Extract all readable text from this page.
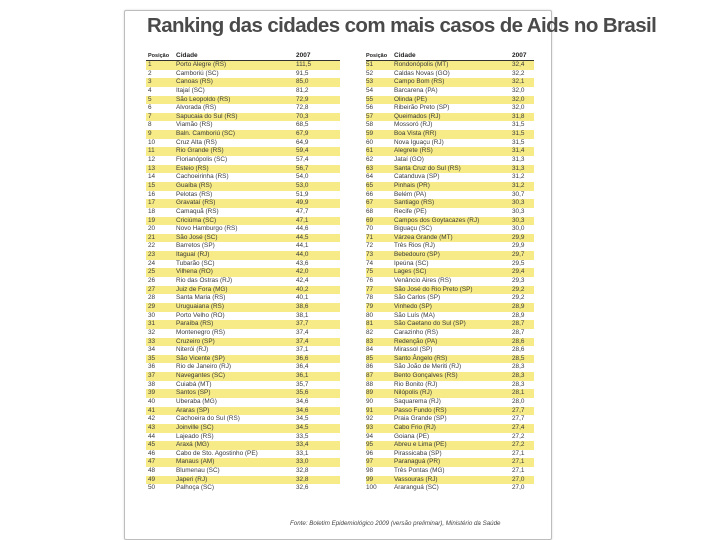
Ranking das cidades com mais casos de Aids no Brasil
Posição Cidade	2007
1	Porto Alegre (RS)	111,5
2	Camboriú (SC)	91,5
3	Canoas (RS)	85,0
4	Itajaí (SC)	81,2
5	São Leopoldo (RS)	72,9
6	Alvorada (RS)	72,8
7	Sapucaia do Sul (RS)	70,3
8	Viamão (RS)	68,5
9	Baln. Camboriú (SC)	67,9
10	Cruz Alta (RS)	64,9
11	Rio Grande (RS)	59,4
12	Florianópolis (SC)	57,4
13	Esteio (RS)	56,7
14	Cachoeirinha (RS)	54,0
15	Guaíba (RS)	53,0
16	Pelotas (RS)	51,9
17	Gravataí (RS)	49,9
18	Camaquã (RS)	47,7
19	Criciúma (SC)	47,1
20	Novo Hamburgo (RS)	44,6
21	São José (SC)	44,5
22	Barretos (SP)	44,1
23	Itaguaí (RJ)	44,0
24	Tubarão (SC)	43,6
25	Vilhena (RO)	42,0
26	Rio das Ostras (RJ)	42,4
27	Juiz de Fora (MG)	40,2
28	Santa Maria (RS)	40,1
29	Uruguaiana (RS)	38,6
30	Porto Velho (RO)	38,1
31	Paraíba (RS)	37,7
32	Montenegro (RS)	37,4
33	Cruzeiro (SP)	37,4
34	Niterói (RJ)	37,1
35	São Vicente (SP)	36,6
36	Rio de Janeiro (RJ)	36,4
37	Navegantes (SC)	36,1
38	Cuiabá (MT)	35,7
39	Santos (SP)	35,6
40	Uberaba (MG)	34,6
41	Araras (SP)	34,6
42	Cachoeira do Sul (RS)	34,5
43	Joinville (SC)	34,5
44	Lajeado (RS)	33,5
45	Araxá (MG)	33,4
46	Cabo de Sto. Agostinho (PE)	33,1
47	Manaus (AM)	33,0
48	Blumenau (SC)	32,8
49	Japeri (RJ)	32,8
50	Palhoça (SC)	32,6
Posição Cidade	2007
51	Rondonópolis (MT)	32,4
52	Caldas Novas (GO)	32,2
53	Campo Bom (RS)	32,1
54	Barcarena (PA)	32,0
55	Olinda (PE)	32,0
56	Ribeirão Preto (SP)	32,0
57	Queimados (RJ)	31,8
58	Mossoró (RJ)	31,5
59	Boa Vista (RR)	31,5
60	Nova Iguaçu (RJ)	31,5
61	Alegrete (RS)	31,4
62	Jataí (GO)	31,3
63	Santa Cruz do Sul (RS)	31,3
64	Catanduva (SP)	31,2
65	Pinhais (PR)	31,2
66	Belém (PA)	30,7
67	Santiago (RS)	30,3
68	Recife (PE)	30,3
69	Campos dos Goytacazes (RJ)	30,3
70	Biguaçu (SC)	30,0
71	Várzea Grande (MT)	29,9
72	Três Rios (RJ)	29,9
73	Bebedouro (SP)	29,7
74	Ipeúna (SC)	29,5
75	Lages (SC)	29,4
76	Venâncio Aires (RS)	29,3
77	São José do Rio Preto (SP)	29,2
78	São Carlos (SP)	29,2
79	Vinhedo (SP)	28,9
80	São Luís (MA)	28,9
81	São Caetano do Sul (SP)	28,7
82	Carazinho (RS)	28,7
83	Redenção (PA)	28,6
84	Mirassol (SP)	28,6
85	Santo Ângelo (RS)	28,5
86	São João de Meriti (RJ)	28,3
87	Bento Gonçalves (RS)	28,3
88	Rio Bonito (RJ)	28,3
89	Nilópolis (RJ)	28,1
90	Saquarema (RJ)	28,0
91	Passo Fundo (RS)	27,7
92	Praia Grande (SP)	27,7
93	Cabo Frio (RJ)	27,4
94	Goiana (PE)	27,2
95	Abreu e Lima (PE)	27,2
96	Pirassicaba (SP)	27,1
97	Paranaguá (PR)	27,1
98	Três Pontas (MG)	27,1
99	Vassouras (RJ)	27,0
100	Araranguá (SC)	27,0
Fonte: Boletim Epidemiológico 2009 (versão preliminar), Ministério da Saúde
